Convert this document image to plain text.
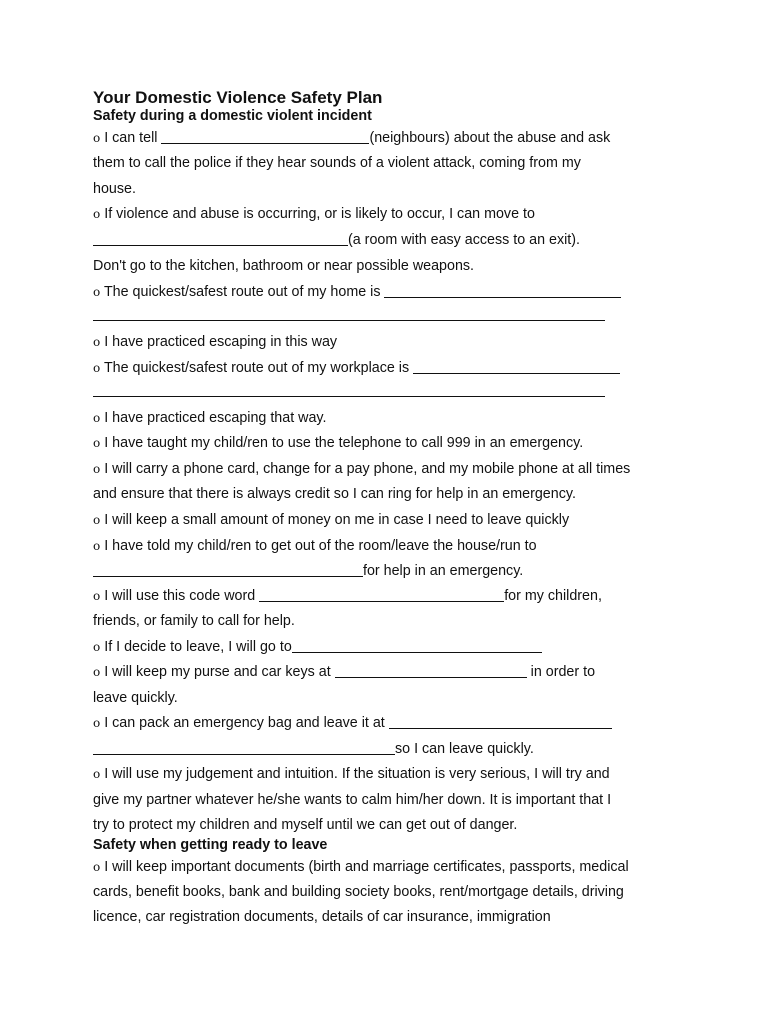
Your Domestic Violence Safety Plan
Safety during a domestic violent incident
o I can tell	(neighbours) about the abuse and ask
them to call the police if they hear sounds of a violent attack, coming from my
house.
o If violence and abuse is occurring, or is likely to occur, I can move to
(a room with easy access to an exit).
Don't go to the kitchen, bathroom or near possible weapons.
o The quickest/safest route out of my home is
o I have practiced escaping in this way
o The quickest/safest route out of my workplace is
o I have practiced escaping that way.
o I have taught my child/ren to use the telephone to call 999 in an emergency.
o I will carry a phone card, change for a pay phone, and my mobile phone at all times
and ensure that there is always credit so I can ring for help in an emergency.
o I will keep a small amount of money on me in case I need to leave quickly
o I have told my child/ren to get out of the room/leave the house/run to
for help in an emergency.
o I will use this code word	for my children,
friends, or family to call for help.
o If I decide to leave, I will go to
o I will keep my purse and car keys at	in order to
leave quickly.
o I can pack an emergency bag and leave it at
so I can leave quickly.
o I will use my judgement and intuition. If the situation is very serious, I will try and
give my partner whatever he/she wants to calm him/her down. It is important that I
try to protect my children and myself until we can get out of danger.
Safety when getting ready to leave
o I will keep important documents (birth and marriage certificates, passports, medical
cards, benefit books, bank and building society books, rent/mortgage details, driving
licence, car registration documents, details of car insurance, immigration
